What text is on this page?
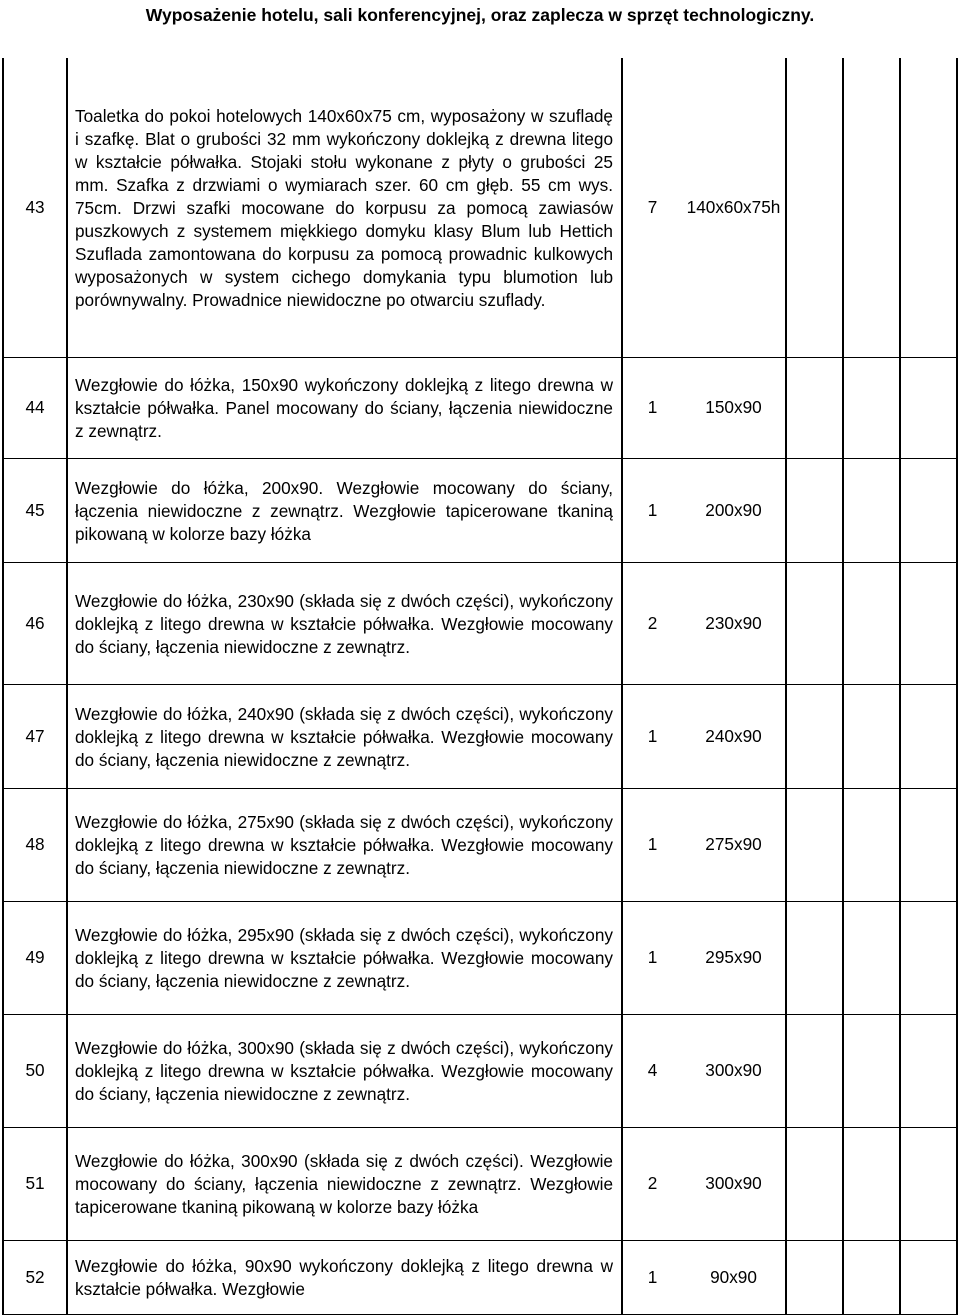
Wyposażenie hotelu, sali konferencyjnej, oraz zaplecza w sprzęt technologiczny.
43	Toaletka do pokoi hotelowych 140x60x75 cm, wyposażony w szufladę i szafkę. Blat o grubości 32 mm wykończony doklejką z drewna litego w kształcie półwałka. Stojaki stołu wykonane z płyty o grubości 25 mm. Szafka z drzwiami o wymiarach szer. 60 cm głęb. 55 cm wys. 75cm. Drzwi szafki mocowane do korpusu za pomocą zawiasów puszkowych z systemem miękkiego domyku klasy Blum lub Hettich Szuflada zamontowana do korpusu za pomocą prowadnic kulkowych wyposażonych w system cichego domykania typu blumotion lub porównywalny. Prowadnice niewidoczne po otwarciu szuflady.	7	140x60x75h			
44	Wezgłowie do łóżka, 150x90 wykończony doklejką z litego drewna w kształcie półwałka. Panel mocowany do ściany, łączenia niewidoczne z zewnątrz.	1	150x90			
45	Wezgłowie do łóżka, 200x90. Wezgłowie mocowany do ściany, łączenia niewidoczne z zewnątrz. Wezgłowie tapicerowane tkaniną pikowaną w kolorze bazy łóżka	1	200x90			
46	Wezgłowie do łóżka, 230x90 (składa się z dwóch części), wykończony doklejką z litego drewna w kształcie półwałka. Wezgłowie mocowany do ściany, łączenia niewidoczne z zewnątrz.	2	230x90			
47	Wezgłowie do łóżka, 240x90 (składa się z dwóch części), wykończony doklejką z litego drewna w kształcie półwałka. Wezgłowie mocowany do ściany, łączenia niewidoczne z zewnątrz.	1	240x90			
48	Wezgłowie do łóżka, 275x90 (składa się z dwóch części), wykończony doklejką z litego drewna w kształcie półwałka. Wezgłowie mocowany do ściany, łączenia niewidoczne z zewnątrz.	1	275x90			
49	Wezgłowie do łóżka, 295x90 (składa się z dwóch części), wykończony doklejką z litego drewna w kształcie półwałka. Wezgłowie mocowany do ściany, łączenia niewidoczne z zewnątrz.	1	295x90			
50	Wezgłowie do łóżka, 300x90 (składa się z dwóch części), wykończony doklejką z litego drewna w kształcie półwałka. Wezgłowie mocowany do ściany, łączenia niewidoczne z zewnątrz.	4	300x90			
51	Wezgłowie do łóżka, 300x90 (składa się z dwóch części). Wezgłowie mocowany do ściany, łączenia niewidoczne z zewnątrz. Wezgłowie tapicerowane tkaniną pikowaną w kolorze bazy łóżka	2	300x90			
52	Wezgłowie do łóżka, 90x90 wykończony doklejką z litego drewna w kształcie półwałka. Wezgłowie	1	90x90			
